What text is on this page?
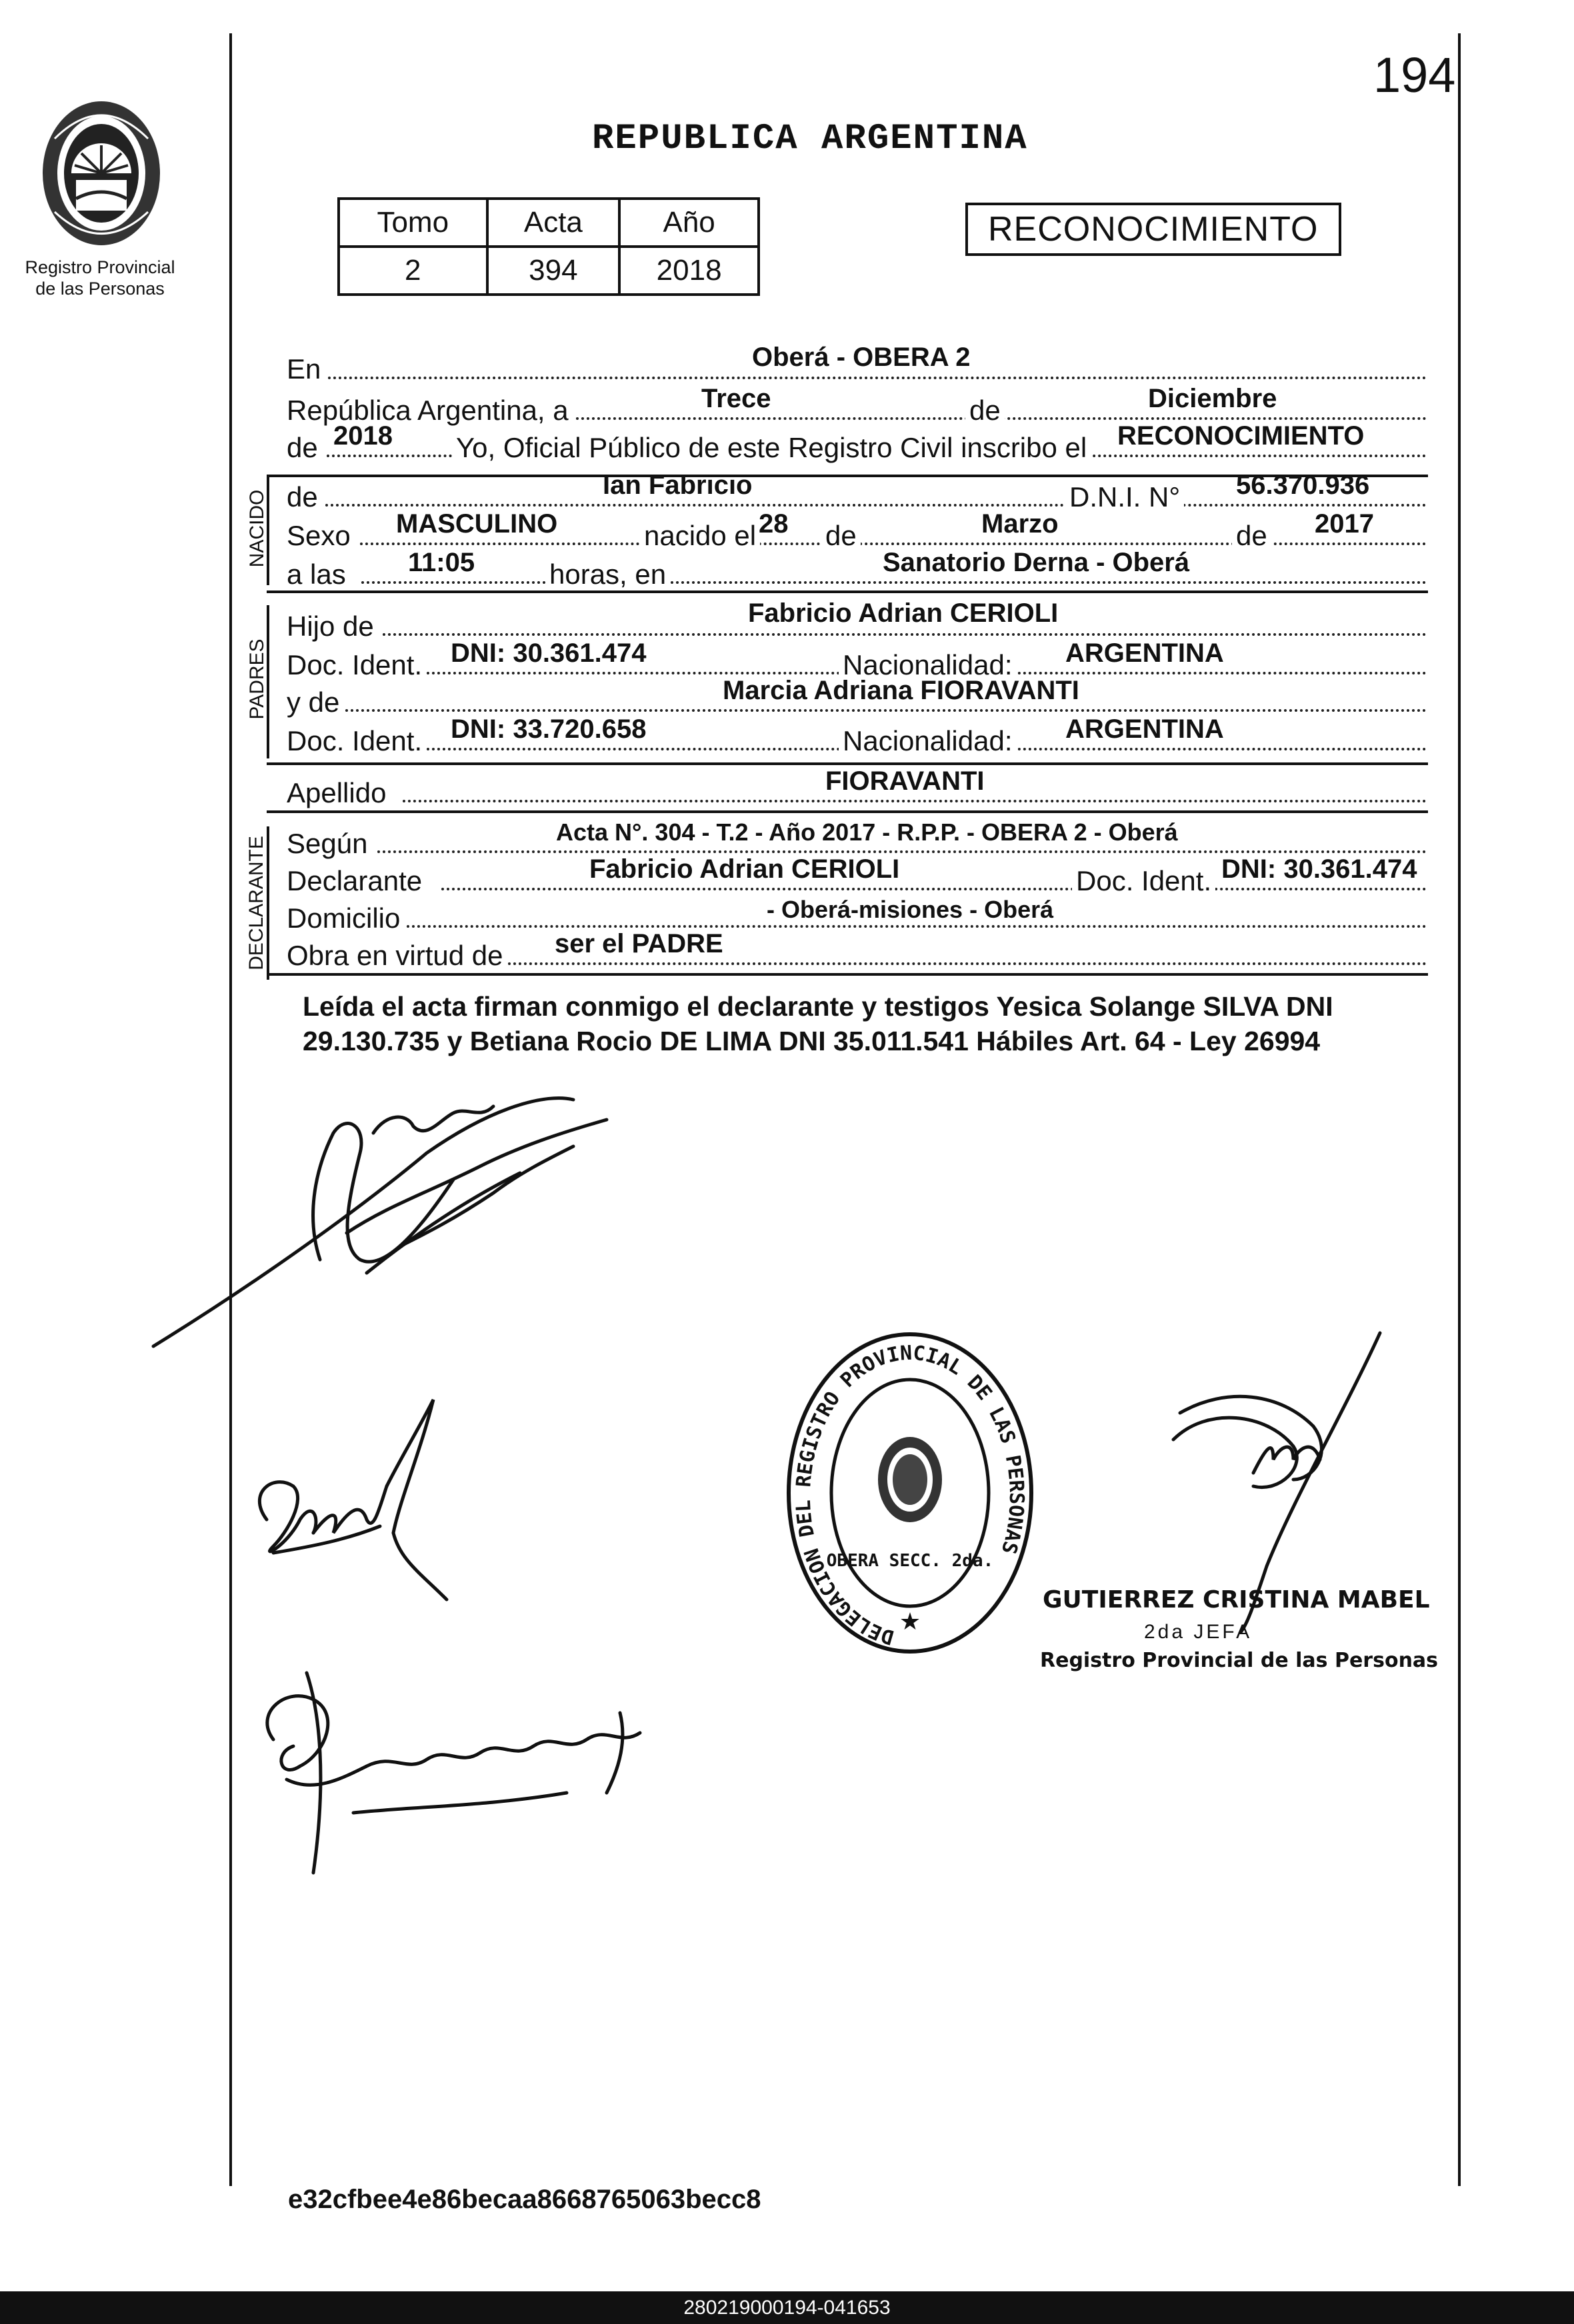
194
Registro Provincial
de las Personas
REPUBLICA ARGENTINA
Tomo	Acta	Año
2	394	2018
RECONOCIMIENTO
En	Oberá - OBERA 2
República Argentina, a	Trece	de	Diciembre
de 2018 Yo, Oficial Público de este Registro Civil inscribo el RECONOCIMIENTO
NACIDO de	Ian Fabricio	D.N.I. N° 56.370.936
Sexo MASCULINO	nacido el 28 de	Marzo	de 2017
a las 11:05	horas, en	Sanatorio Derna - Oberá
PADRES
Hijo de	Fabricio Adrian CERIOLI
Doc. Ident. DNI: 30.361.474	Nacionalidad: ARGENTINA
y de	Marcia Adriana FIORAVANTI
Doc. Ident. DNI: 33.720.658	Nacionalidad: ARGENTINA
Apellido	FIORAVANTI
DECLARANTE Según	Acta N°. 304 - T.2 - Año 2017 - R.P.P. - OBERA 2 - Oberá
Declarante	Fabricio Adrian CERIOLI	Doc. Ident. DNI: 30.361.474
Domicilio	- Oberá-misiones - Oberá
Obra en virtud de ser el PADRE
Leída el acta firman conmigo el declarante y testigos Yesica Solange SILVA DNI
29.130.735 y Betiana Rocio DE LIMA DNI 35.011.541 Hábiles Art. 64 - Ley 26994
DELEGACION DEL REGISTRO PROVINCIAL DE LAS PERSONAS
OBERA SECC. 2da.
★
GUTIERREZ CRISTINA MABEL
2da JEFA
Registro Provincial de las Personas
e32cfbee4e86becaa8668765063becc8
280219000194-041653
